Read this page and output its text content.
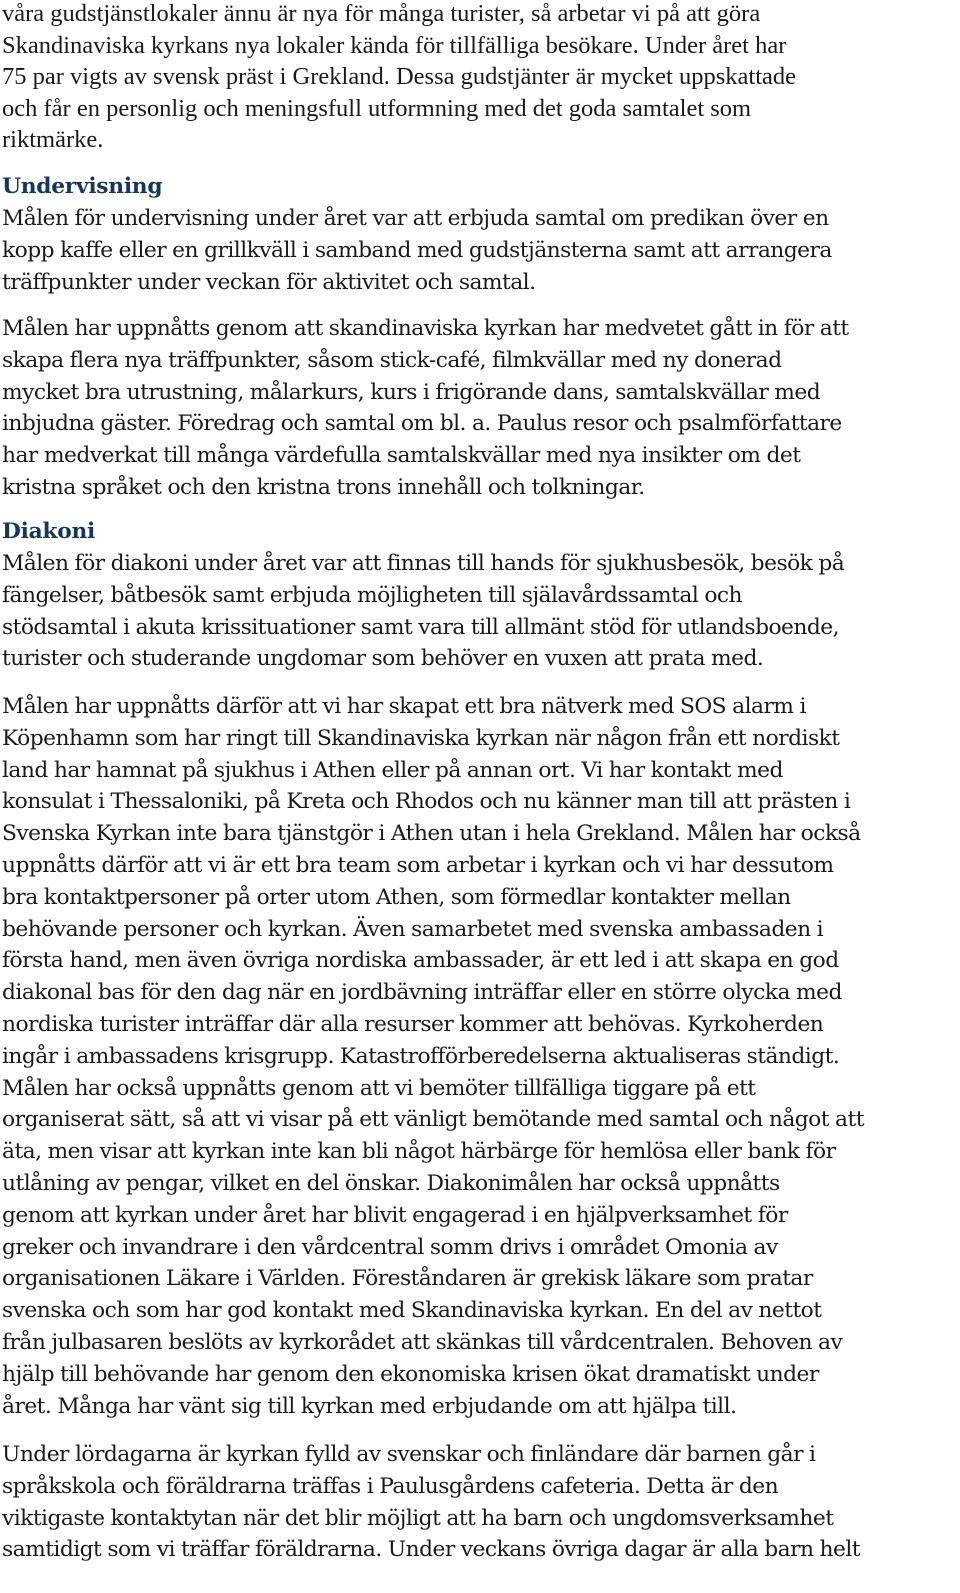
våra gudstjänstlokaler ännu är nya för många turister, så arbetar vi på att göra
Skandinaviska kyrkans nya lokaler kända för tillfälliga besökare. Under året har
75 par vigts av svensk präst i Grekland. Dessa gudstjänter är mycket uppskattade
och får en personlig och meningsfull utformning med det goda samtalet som
riktmärke.
Undervisning
Målen för undervisning under året var att erbjuda samtal om predikan över en
kopp kaffe eller en grillkväll i samband med gudstjänsterna samt att arrangera
träffpunkter under veckan för aktivitet och samtal.
Målen har uppnåtts genom att skandinaviska kyrkan har medvetet gått in för att
skapa flera nya träffpunkter, såsom stick-café, filmkvällar med ny donerad
mycket bra utrustning, målarkurs, kurs i frigörande dans, samtalskvällar med
inbjudna gäster. Föredrag och samtal om bl. a. Paulus resor och psalmförfattare
har medverkat till många värdefulla samtalskvällar med nya insikter om det
kristna språket och den kristna trons innehåll och tolkningar.
Diakoni
Målen för diakoni under året var att finnas till hands för sjukhusbesök, besök på
fängelser, båtbesök samt erbjuda möjligheten till själavårdssamtal och
stödsamtal i akuta krissituationer samt vara till allmänt stöd för utlandsboende,
turister och studerande ungdomar som behöver en vuxen att prata med.
Målen har uppnåtts därför att vi har skapat ett bra nätverk med SOS alarm i
Köpenhamn som har ringt till Skandinaviska kyrkan när någon från ett nordiskt
land har hamnat på sjukhus i Athen eller på annan ort. Vi har kontakt med
konsulat i Thessaloniki, på Kreta och Rhodos och nu känner man till att prästen i
Svenska Kyrkan inte bara tjänstgör i Athen utan i hela Grekland. Målen har också
uppnåtts därför att vi är ett bra team som arbetar i kyrkan och vi har dessutom
bra kontaktpersoner på orter utom Athen, som förmedlar kontakter mellan
behövande personer och kyrkan. Även samarbetet med svenska ambassaden i
första hand, men även övriga nordiska ambassader, är ett led i att skapa en god
diakonal bas för den dag när en jordbävning inträffar eller en större olycka med
nordiska turister inträffar där alla resurser kommer att behövas. Kyrkoherden
ingår i ambassadens krisgrupp. Katastrofförberedelserna aktualiseras ständigt.
Målen har också uppnåtts genom att vi bemöter tillfälliga tiggare på ett
organiserat sätt, så att vi visar på ett vänligt bemötande med samtal och något att
äta, men visar att kyrkan inte kan bli något härbärge för hemlösa eller bank för
utlåning av pengar, vilket en del önskar. Diakonimålen har också uppnåtts
genom att kyrkan under året har blivit engagerad i en hjälpverksamhet för
greker och invandrare i den vårdcentral somm drivs i området Omonia av
organisationen Läkare i Världen. Föreståndaren är grekisk läkare som pratar
svenska och som har god kontakt med Skandinaviska kyrkan. En del av nettot
från julbasaren beslöts av kyrkorådet att skänkas till vårdcentralen. Behoven av
hjälp till behövande har genom den ekonomiska krisen ökat dramatiskt under
året. Många har vänt sig till kyrkan med erbjudande om att hjälpa till.
Under lördagarna är kyrkan fylld av svenskar och finländare där barnen går i
språkskola och föräldrarna träffas i Paulusgårdens cafeteria. Detta är den
viktigaste kontaktytan när det blir möjligt att ha barn och ungdomsverksamhet
samtidigt som vi träffar föräldrarna. Under veckans övriga dagar är alla barn helt
